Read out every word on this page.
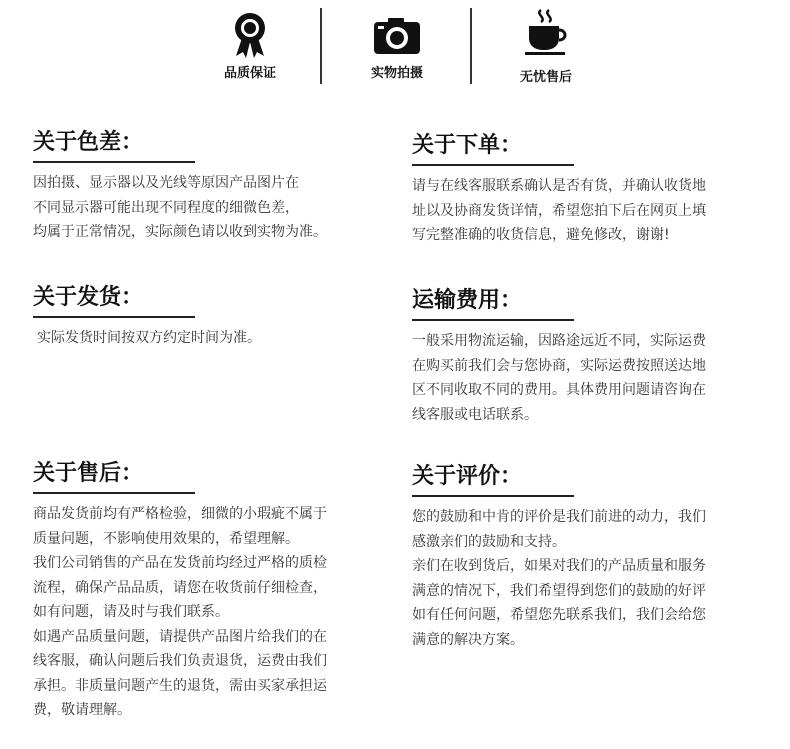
品质保证	实物拍摄	无忧售后
关于色差：

因拍摄、显示器以及光线等原因产品图片在

不同显示器可能出现不同程度的细微色差，

均属于正常情况，实际颜色请以收到实物为准。

关于下单：

请与在线客服联系确认是否有货，并确认收货地

址以及协商发货详情，希望您拍下后在网页上填

写完整准确的收货信息，避免修改，谢谢!

关于发货：

实际发货时间按双方约定时间为准。

运输费用：

一般采用物流运输，因路途远近不同，实际运费

在购买前我们会与您协商，实际运费按照送达地

区不同收取不同的费用。具体费用问题请咨询在

线客服或电话联系。

关于售后：

商品发货前均有严格检验，细微的小瑕疵不属于

质量问题，不影响使用效果的，希望理解。

我们公司销售的产品在发货前均经过严格的质检

流程，确保产品品质，请您在收货前仔细检查，

如有问题，请及时与我们联系。

如遇产品质量问题，请提供产品图片给我们的在

线客服，确认问题后我们负责退货，运费由我们

承担。非质量问题产生的退货，需由买家承担运

费，敬请理解。

关于评价：

您的鼓励和中肯的评价是我们前进的动力，我们

感激亲们的鼓励和支持。

亲们在收到货后，如果对我们的产品质量和服务

满意的情况下，我们希望得到您们的鼓励的好评

如有任何问题，希望您先联系我们，我们会给您

满意的解决方案。
